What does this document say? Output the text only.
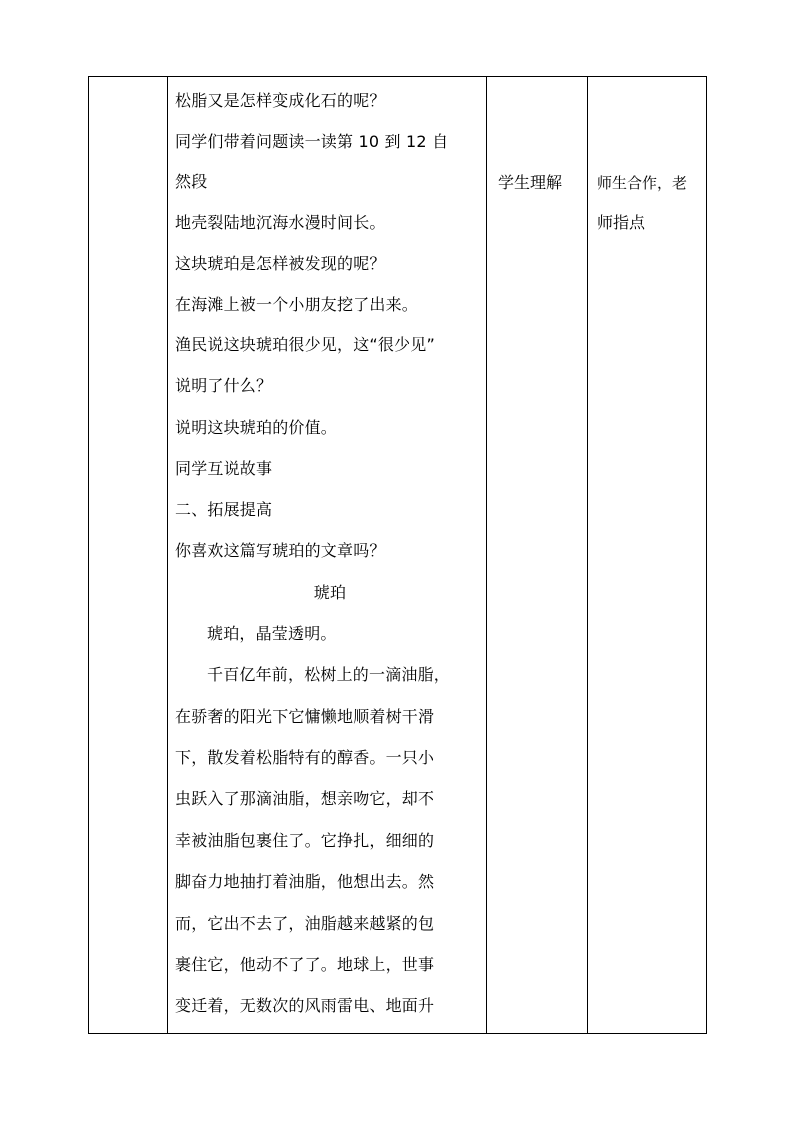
松脂又是怎样变成化石的呢？
同学们带着问题读一读第 10 到 12 自
然段
地壳裂陆地沉海水漫时间长。
这块琥珀是怎样被发现的呢？
在海滩上被一个小朋友挖了出来。
渔民说这块琥珀很少见，这“很少见”
说明了什么？
说明这块琥珀的价值。
同学互说故事
二、拓展提高
你喜欢这篇写琥珀的文章吗？
琥珀
琥珀，晶莹透明。
千百亿年前，松树上的一滴油脂，
在骄奢的阳光下它慵懒地顺着树干滑
下，散发着松脂特有的醇香。一只小
虫跃入了那滴油脂，想亲吻它，却不
幸被油脂包裹住了。它挣扎，细细的
脚奋力地抽打着油脂，他想出去。然
而，它出不去了，油脂越来越紧的包
裹住它，他动不了了。地球上，世事
变迁着，无数次的风雨雷电、地面升
学生理解 师生合作，老
师指点
